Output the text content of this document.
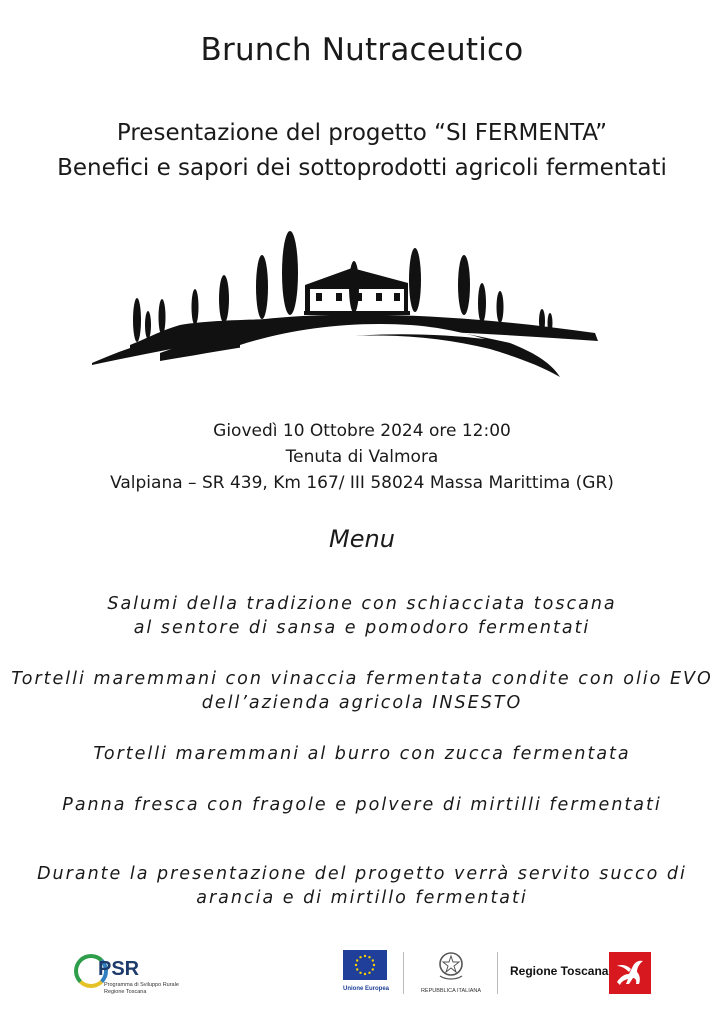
Brunch Nutraceutico
Presentazione del progetto “SI FERMENTA”
Benefici e sapori dei sottoprodotti agricoli fermentati
Giovedì 10 Ottobre 2024 ore 12:00
Tenuta di Valmora
Valpiana – SR 439, Km 167/ III 58024 Massa Marittima (GR)
Menu
Salumi della tradizione con schiacciata toscana
al sentore di sansa e pomodoro fermentati
Tortelli maremmani con vinaccia fermentata condite con olio EVO
dell’azienda agricola INSESTO
Tortelli maremmani al burro con zucca fermentata
Panna fresca con fragole e polvere di mirtilli fermentati
Durante la presentazione del progetto verrà servito succo di
arancia e di mirtillo fermentati
PSR
Programma di Sviluppo Rurale
Regione Toscana	Unione Europea	REPUBBLICA ITALIANA
Regione Toscana
